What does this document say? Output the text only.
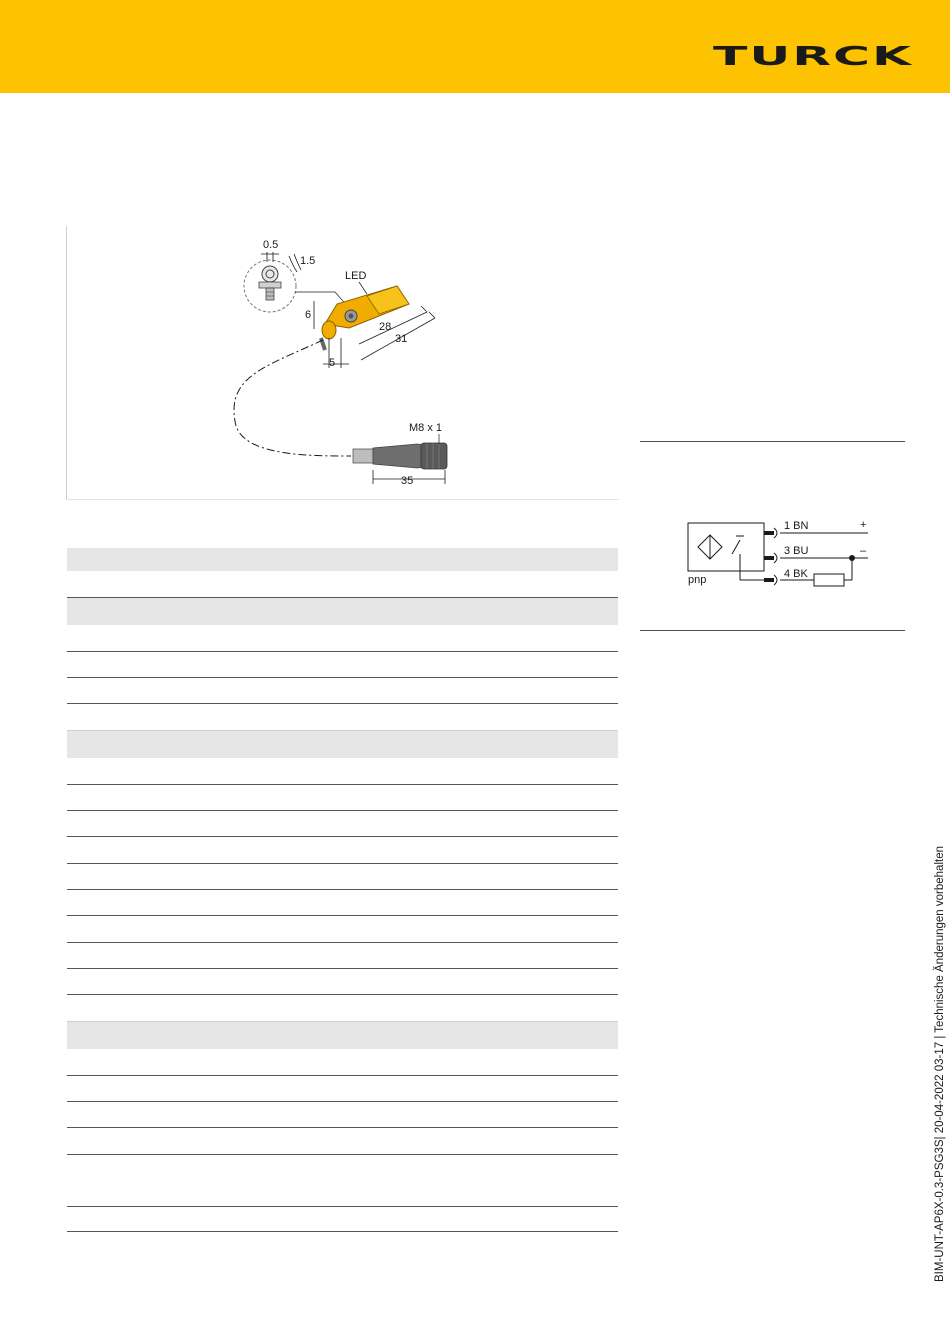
TURCK
0.5
1.5
LED
6
28
31
5
M8 x 1
35
pnp
1 BN
3 BU
4 BK
+
–
BIM-UNT-AP6X-0.3-PSG3S| 20-04-2022 03-17 | Technische Änderungen vorbehalten
